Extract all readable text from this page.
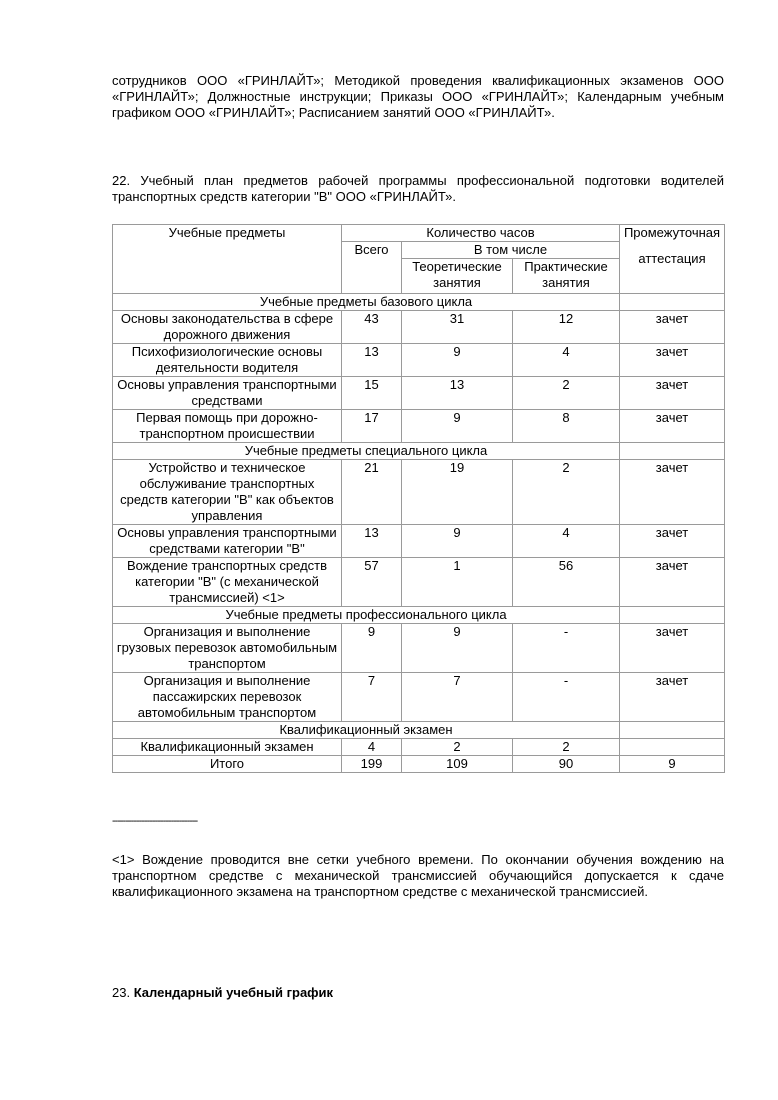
сотрудников ООО «ГРИНЛАЙТ»; Методикой проведения квалификационных экзаменов ООО «ГРИНЛАЙТ»; Должностные инструкции; Приказы ООО «ГРИНЛАЙТ»; Календарным учебным графиком ООО «ГРИНЛАЙТ»; Расписанием занятий ООО «ГРИНЛАЙТ».

22. Учебный план предметов рабочей программы профессиональной подготовки водителей транспортных средств категории "B" ООО «ГРИНЛАЙТ».

Учебные предметы	Количество часов			Промежуточная
аттестация

	Всего	В том числе		
		Теоретические занятия	Практические занятия	
Учебные предметы базового цикла				
Основы законодательства в сфере дорожного движения	43	31	12	зачет
Психофизиологические основы деятельности водителя	13	9	4	зачет
Основы управления транспортными средствами	15	13	2	зачет
Первая помощь при дорожно-транспортном происшествии	17	9	8	зачет
Учебные предметы специального цикла				
Устройство и техническое обслуживание транспортных средств категории "B" как объектов управления	21	19	2	зачет
Основы управления транспортными средствами категории "B"	13	9	4	зачет
Вождение транспортных средств категории "B" (с механической трансмиссией) <1>	57	1	56	зачет
Учебные предметы профессионального цикла				
Организация и выполнение грузовых перевозок автомобильным транспортом	9	9	-	зачет
Организация и выполнение пассажирских перевозок автомобильным транспортом	7	7	-	зачет
Квалификационный экзамен				
Квалификационный экзамен	4	2	2	
Итого	199	109	90	9
--------------------------------

<1> Вождение проводится вне сетки учебного времени. По окончании обучения вождению на транспортном средстве с механической трансмиссией обучающийся допускается к сдаче квалификационного экзамена на транспортном средстве с механической трансмиссией.

23. Календарный учебный график
